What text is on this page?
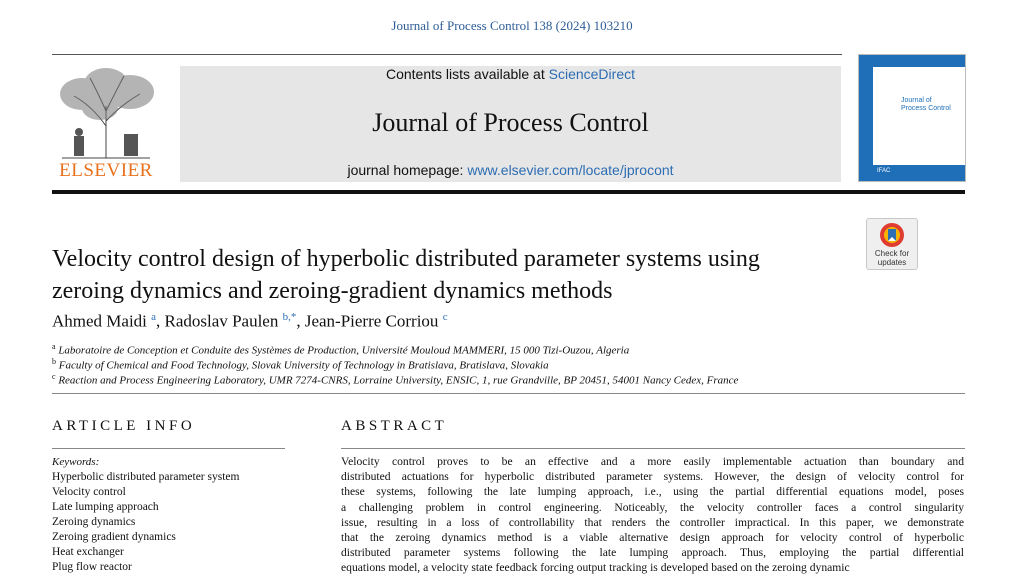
Journal of Process Control 138 (2024) 103210
ELSEVIER
Contents lists available at ScienceDirect
Journal of Process Control
journal homepage: www.elsevier.com/locate/jprocont
Journal of
Process Control
IFAC
Check for
updates
Velocity control design of hyperbolic distributed parameter systems using
zeroing dynamics and zeroing-gradient dynamics methods
Ahmed Maidi $^a$, Radoslav Paulen $^{b,*}$, Jean-Pierre Corriou $^c$
$^a$ Laboratoire de Conception et Conduite des Systèmes de Production, Université Mouloud MAMMERI, 15 000 Tizi-Ouzou, Algeria
$^b$ Faculty of Chemical and Food Technology, Slovak University of Technology in Bratislava, Bratislava, Slovakia
$^c$ Reaction and Process Engineering Laboratory, UMR 7274-CNRS, Lorraine University, ENSIC, 1, rue Grandville, BP 20451, 54001 Nancy Cedex, France
ARTICLE INFO
Keywords:
Hyperbolic distributed parameter system
Velocity control
Late lumping approach
Zeroing dynamics
Zeroing gradient dynamics
Heat exchanger
Plug flow reactor
ABSTRACT
Velocity control proves to be an effective and a more easily implementable actuation than boundary and
distributed actuations for hyperbolic distributed parameter systems. However, the design of velocity control for
these systems, following the late lumping approach, i.e., using the partial differential equations model, poses
a challenging problem in control engineering. Noticeably, the velocity controller faces a control singularity
issue, resulting in a loss of controllability that renders the controller impractical. In this paper, we demonstrate
that the zeroing dynamics method is a viable alternative design approach for velocity control of hyperbolic
distributed parameter systems following the late lumping approach. Thus, employing the partial differential
equations model, a velocity state feedback forcing output tracking is developed based on the zeroing dynamic
